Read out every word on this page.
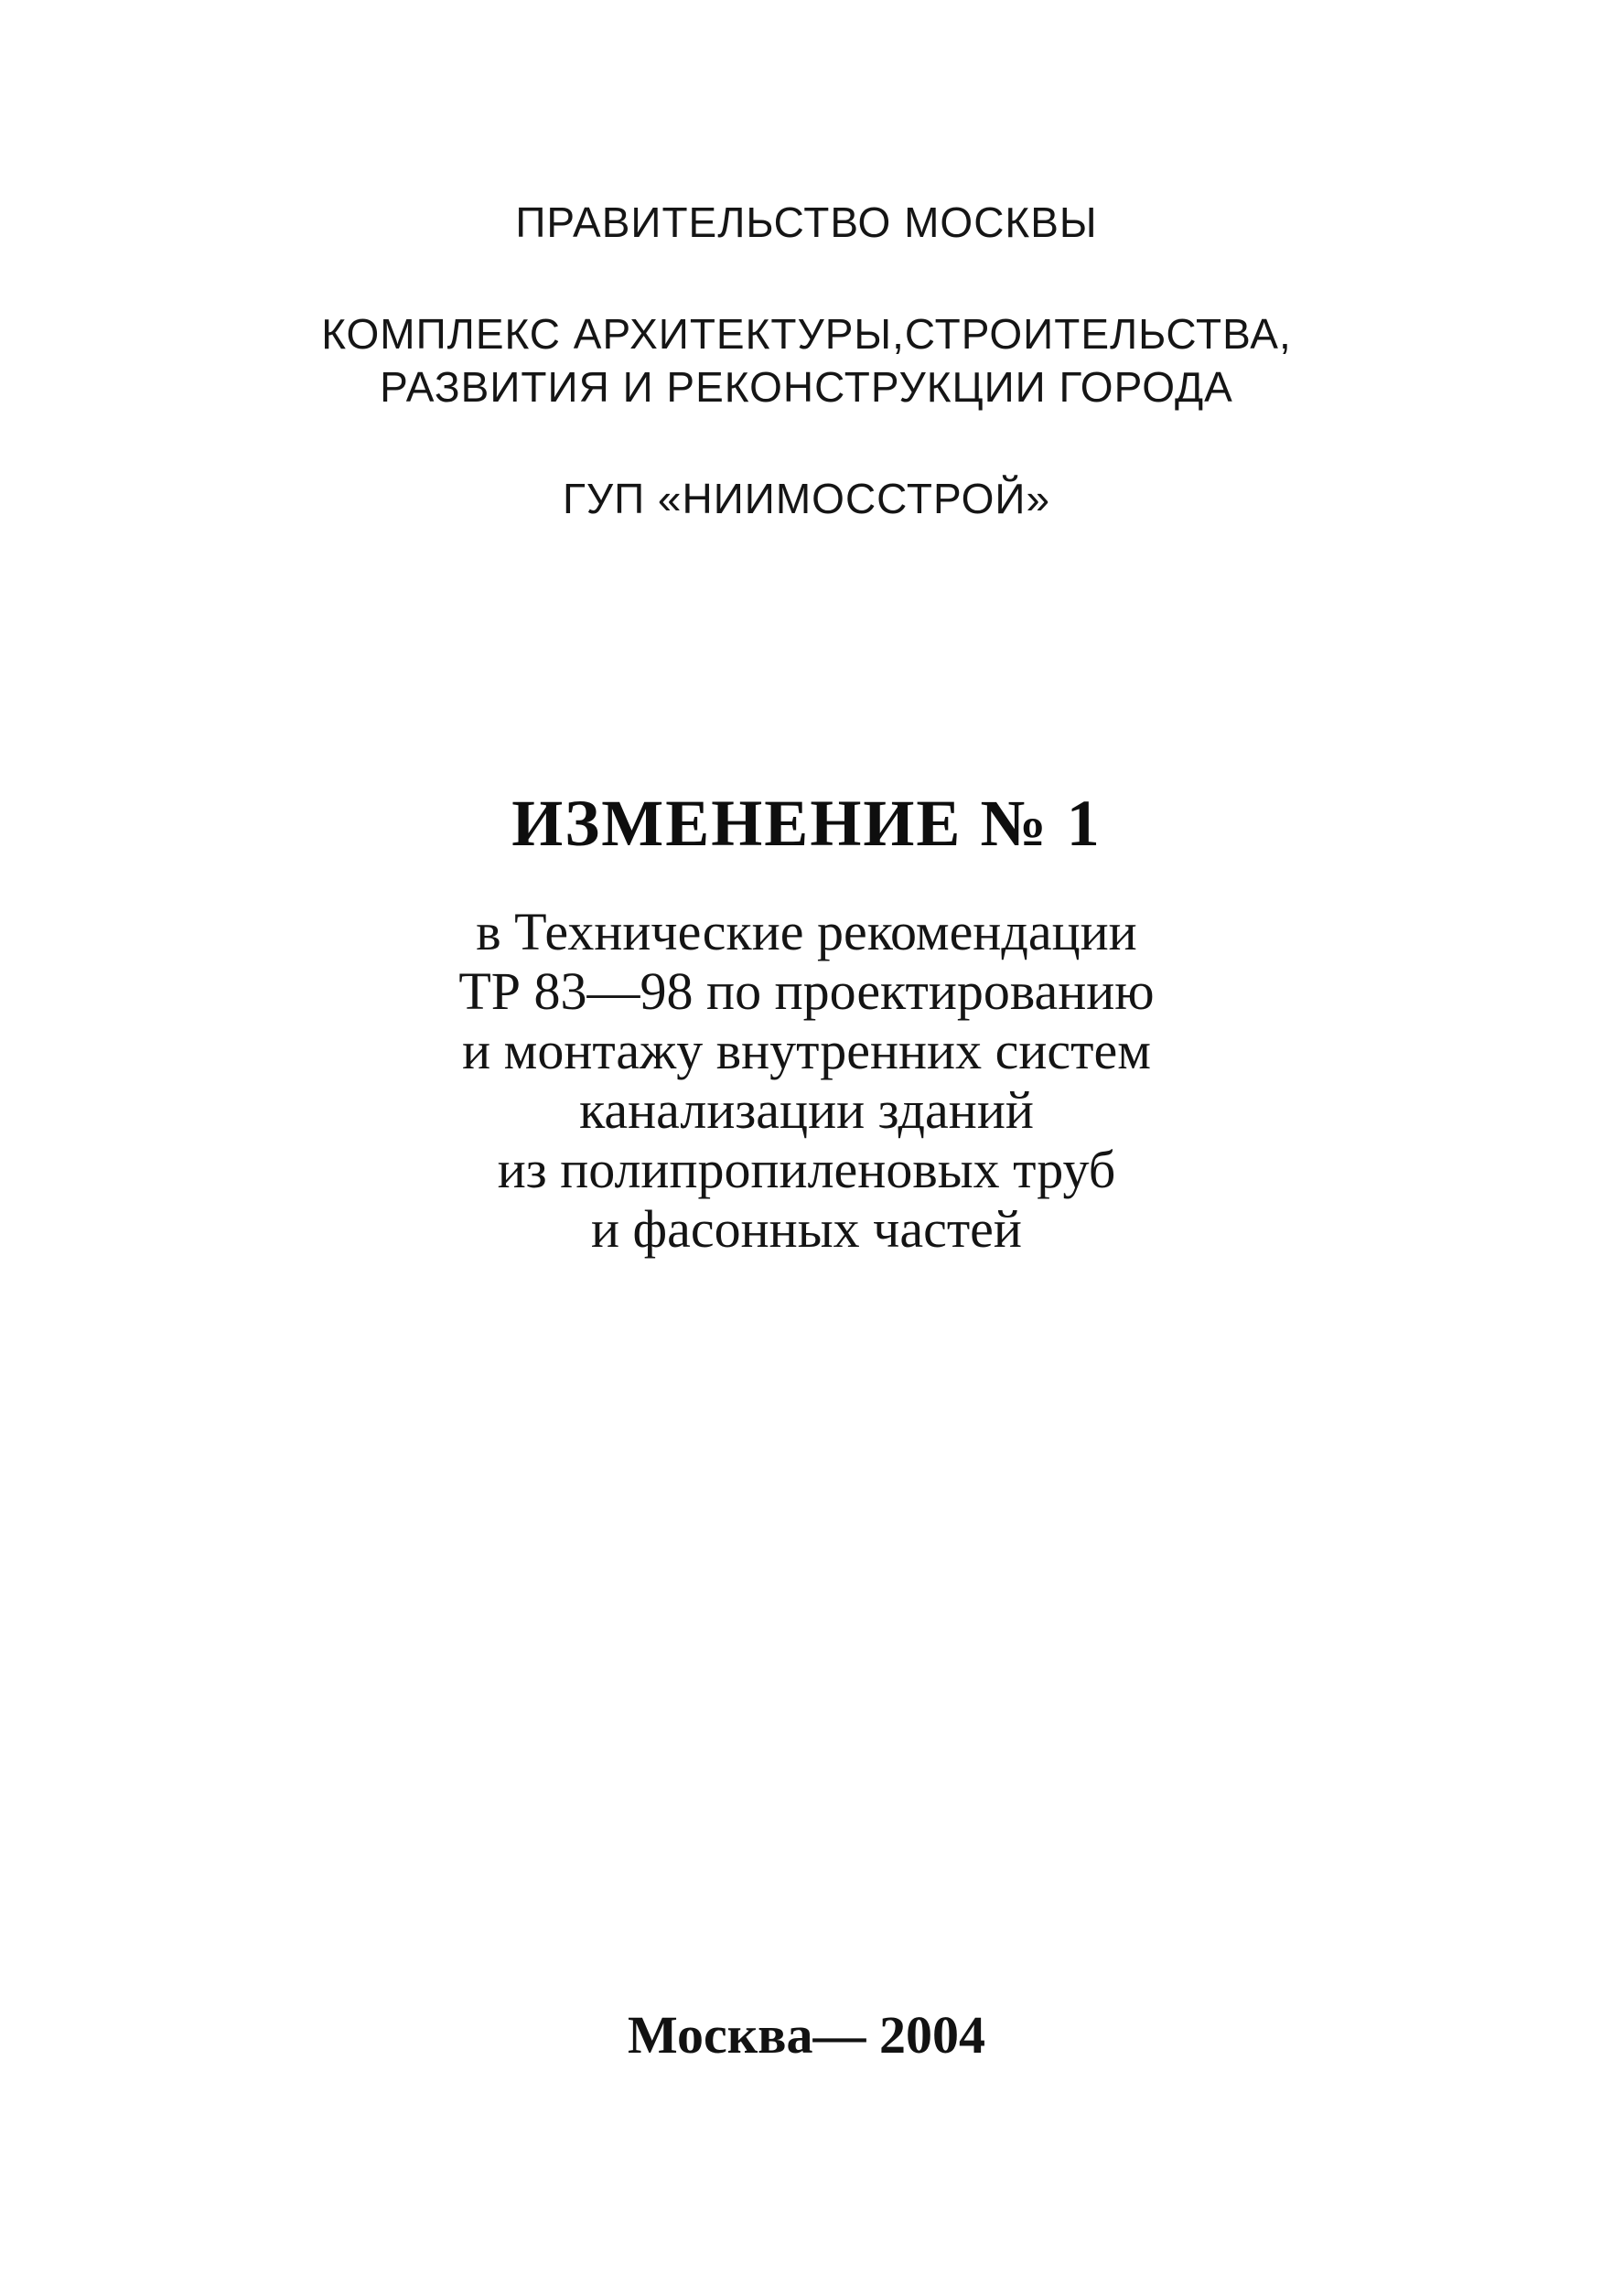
ПРАВИТЕЛЬСТВО МОСКВЫ
КОМПЛЕКС АРХИТЕКТУРЫ,СТРОИТЕЛЬСТВА,
РАЗВИТИЯ И РЕКОНСТРУКЦИИ ГОРОДА
ГУП «НИИМОССТРОЙ»
ИЗМЕНЕНИЕ № 1
в Технические рекомендации
ТР 83—98 по проектированию
и монтажу внутренних систем
канализации зданий
из полипропиленовых труб
и фасонных частей
Москва— 2004
